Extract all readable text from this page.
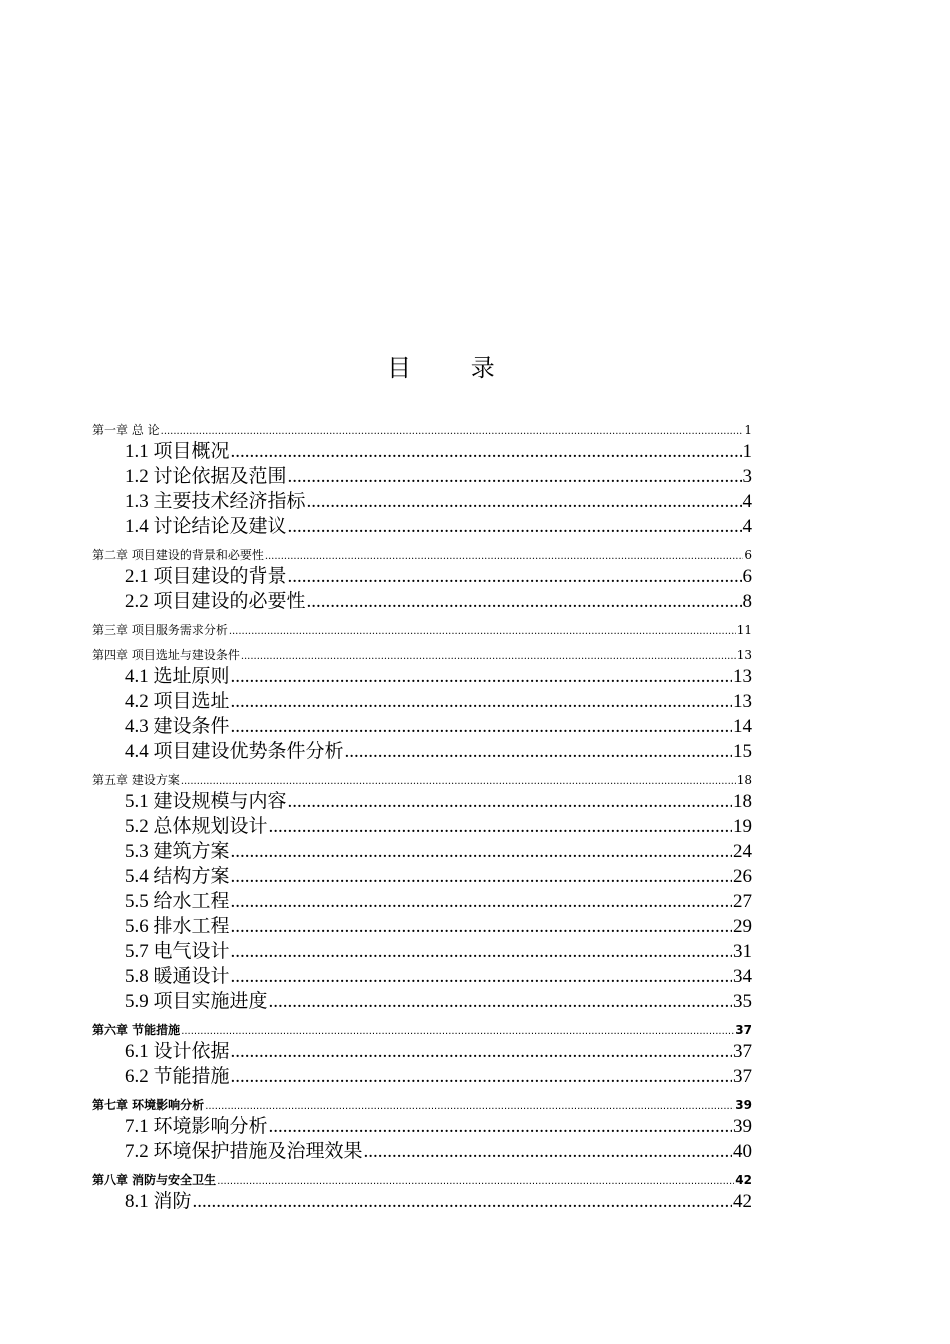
目 录
第一章 总 论 .....	1
1.1 项目概况 .....	1
1.2 讨论依据及范围 .....	3
1.3 主要技术经济指标 .....	4
1.4 讨论结论及建议 .....	4
第二章 项目建设的背景和必要性 .....	6
2.1 项目建设的背景 .....	6
2.2 项目建设的必要性 .....	8
第三章 项目服务需求分析 .....	11
第四章 项目选址与建设条件 .....	13
4.1 选址原则 .....	13
4.2 项目选址 .....	13
4.3 建设条件 .....	14
4.4 项目建设优势条件分析 .....	15
第五章 建设方案 .....	18
5.1 建设规模与内容 .....	18
5.2 总体规划设计 .....	19
5.3 建筑方案 .....	24
5.4 结构方案 .....	26
5.5 给水工程 .....	27
5.6 排水工程 .....	29
5.7 电气设计 .....	31
5.8 暖通设计 .....	34
5.9 项目实施进度 .....	35
第六章 节能措施 .....	37
6.1 设计依据 .....	37
6.2 节能措施 .....	37
第七章 环境影响分析 .....	39
7.1 环境影响分析 .....	39
7.2 环境保护措施及治理效果 .....	40
第八章 消防与安全卫生 .....	42
8.1 消防 .....	42
